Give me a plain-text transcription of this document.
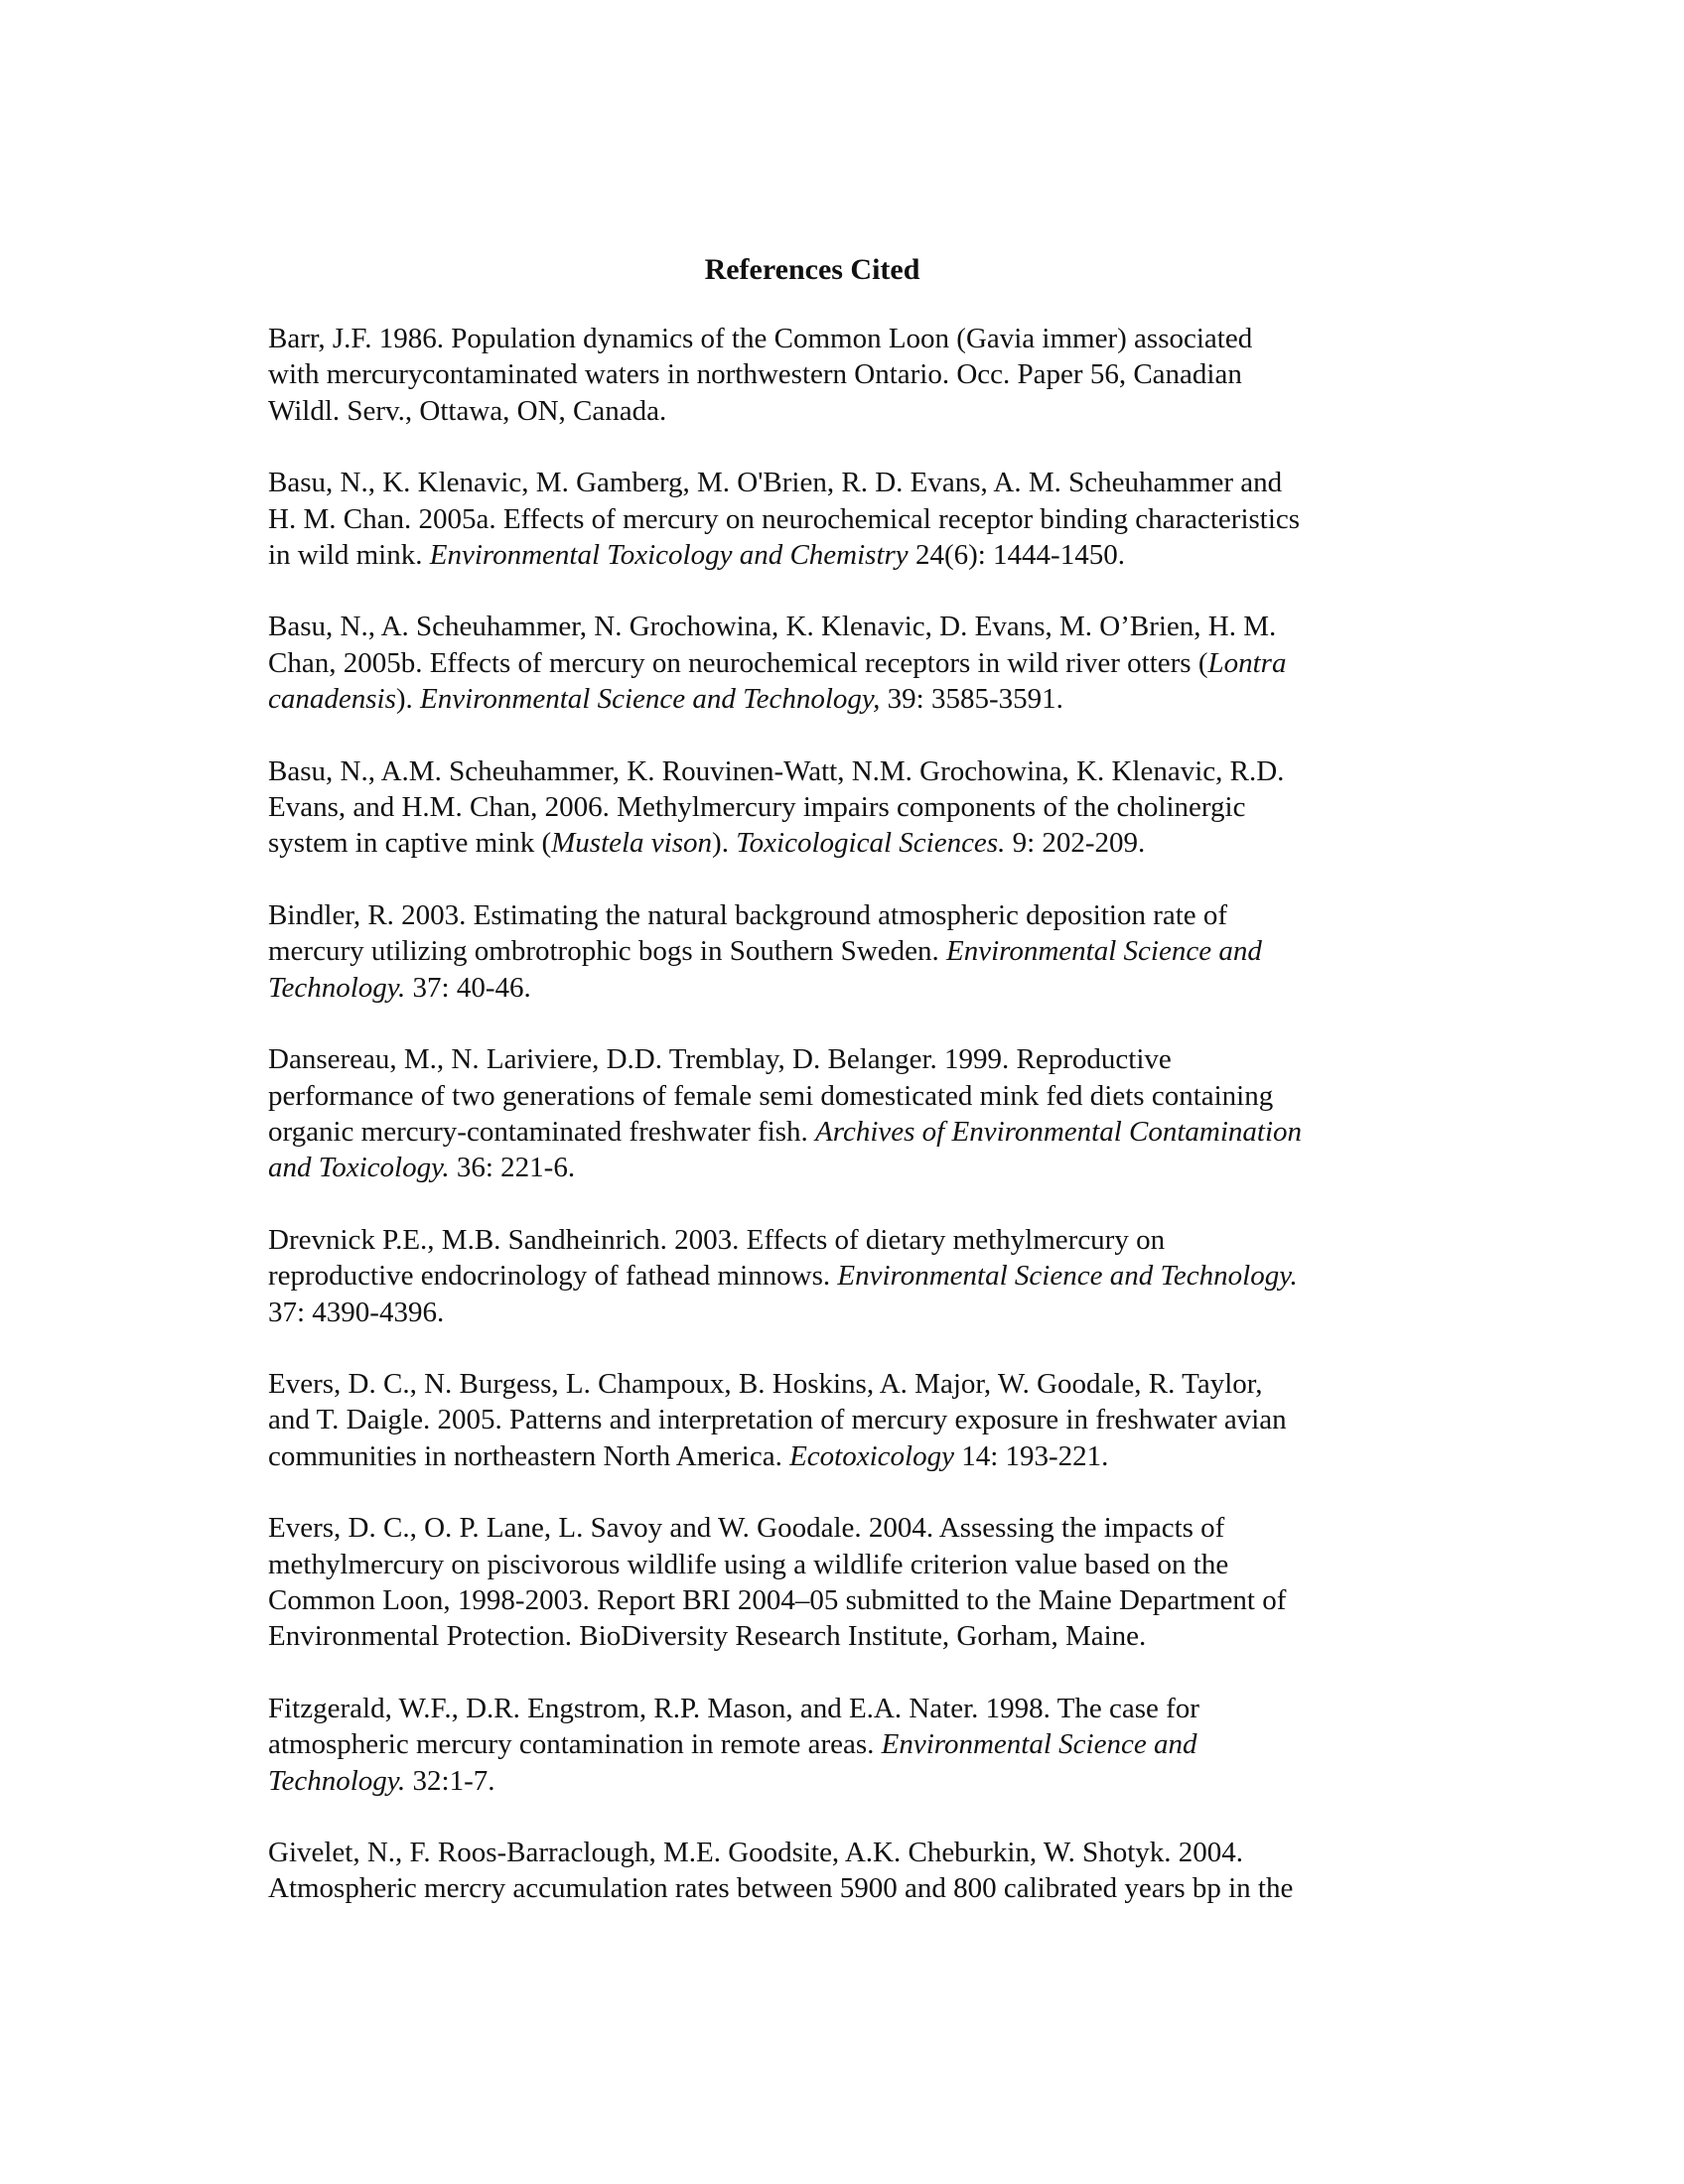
References Cited
Barr, J.F. 1986. Population dynamics of the Common Loon (Gavia immer) associated
with mercurycontaminated waters in northwestern Ontario. Occ. Paper 56, Canadian
Wildl. Serv., Ottawa, ON, Canada.
Basu, N., K. Klenavic, M. Gamberg, M. O'Brien, R. D. Evans, A. M. Scheuhammer and
H. M. Chan. 2005a. Effects of mercury on neurochemical receptor binding characteristics
in wild mink. Environmental Toxicology and Chemistry 24(6): 1444-1450.
Basu, N., A. Scheuhammer, N. Grochowina, K. Klenavic, D. Evans, M. O’Brien, H. M.
Chan, 2005b. Effects of mercury on neurochemical receptors in wild river otters (Lontra
canadensis). Environmental Science and Technology, 39: 3585-3591.
Basu, N., A.M. Scheuhammer, K. Rouvinen-Watt, N.M. Grochowina, K. Klenavic, R.D.
Evans, and H.M. Chan, 2006. Methylmercury impairs components of the cholinergic
system in captive mink (Mustela vison). Toxicological Sciences. 9: 202-209.
Bindler, R. 2003. Estimating the natural background atmospheric deposition rate of
mercury utilizing ombrotrophic bogs in Southern Sweden. Environmental Science and
Technology. 37: 40-46.
Dansereau, M., N. Lariviere, D.D. Tremblay, D. Belanger. 1999. Reproductive
performance of two generations of female semi domesticated mink fed diets containing
organic mercury-contaminated freshwater fish. Archives of Environmental Contamination
and Toxicology. 36: 221-6.
Drevnick P.E., M.B. Sandheinrich. 2003. Effects of dietary methylmercury on
reproductive endocrinology of fathead minnows. Environmental Science and Technology.
37: 4390-4396.
Evers, D. C., N. Burgess, L. Champoux, B. Hoskins, A. Major, W. Goodale, R. Taylor,
and T. Daigle. 2005. Patterns and interpretation of mercury exposure in freshwater avian
communities in northeastern North America. Ecotoxicology 14: 193-221.
Evers, D. C., O. P. Lane, L. Savoy and W. Goodale. 2004. Assessing the impacts of
methylmercury on piscivorous wildlife using a wildlife criterion value based on the
Common Loon, 1998-2003. Report BRI 2004–05 submitted to the Maine Department of
Environmental Protection. BioDiversity Research Institute, Gorham, Maine.
Fitzgerald, W.F., D.R. Engstrom, R.P. Mason, and E.A. Nater. 1998. The case for
atmospheric mercury contamination in remote areas. Environmental Science and
Technology. 32:1-7.
Givelet, N., F. Roos-Barraclough, M.E. Goodsite, A.K. Cheburkin, W. Shotyk. 2004.
Atmospheric mercry accumulation rates between 5900 and 800 calibrated years bp in the
